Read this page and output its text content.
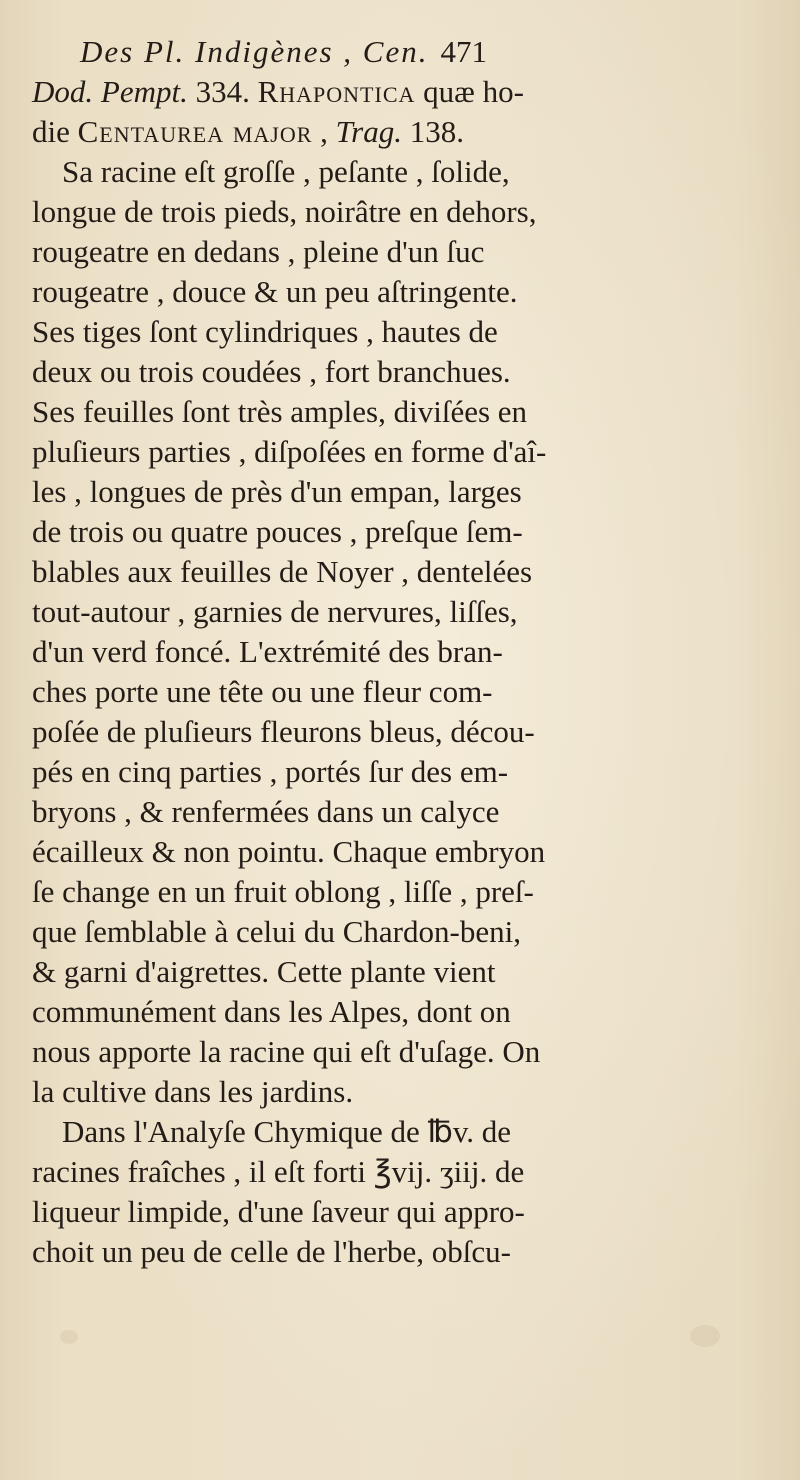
Des Pl. Indigènes , Cen. 471
Dod. Pempt. 334. Rhapontica quæ ho-
die Centaurea major , Trag. 138.
Sa racine eſt groſſe , peſante , ſolide,
longue de trois pieds, noirâtre en dehors,
rougeatre en dedans , pleine d'un ſuc
rougeatre , douce & un peu aſtringente.
Ses tiges ſont cylindriques , hautes de
deux ou trois coudées , fort branchues.
Ses feuilles ſont très amples, diviſées en
pluſieurs parties , diſpoſées en forme d'aî-
les , longues de près d'un empan, larges
de trois ou quatre pouces , preſque ſem-
blables aux feuilles de Noyer , dentelées
tout-autour , garnies de nervures, liſſes,
d'un verd foncé. L'extrémité des bran-
ches porte une tête ou une fleur com-
poſée de pluſieurs fleurons bleus, décou-
pés en cinq parties , portés ſur des em-
bryons , & renfermées dans un calyce
écailleux & non pointu. Chaque embryon
ſe change en un fruit oblong , liſſe , preſ-
que ſemblable à celui du Chardon-beni,
& garni d'aigrettes. Cette plante vient
communément dans les Alpes, dont on
nous apporte la racine qui eſt d'uſage. On
la cultive dans les jardins.
Dans l'Analyſe Chymique de ℔v. de
racines fraîches , il eſt forti ℥vij. ʒiij. de
liqueur limpide, d'une ſaveur qui appro-
choit un peu de celle de l'herbe, obſcu-
